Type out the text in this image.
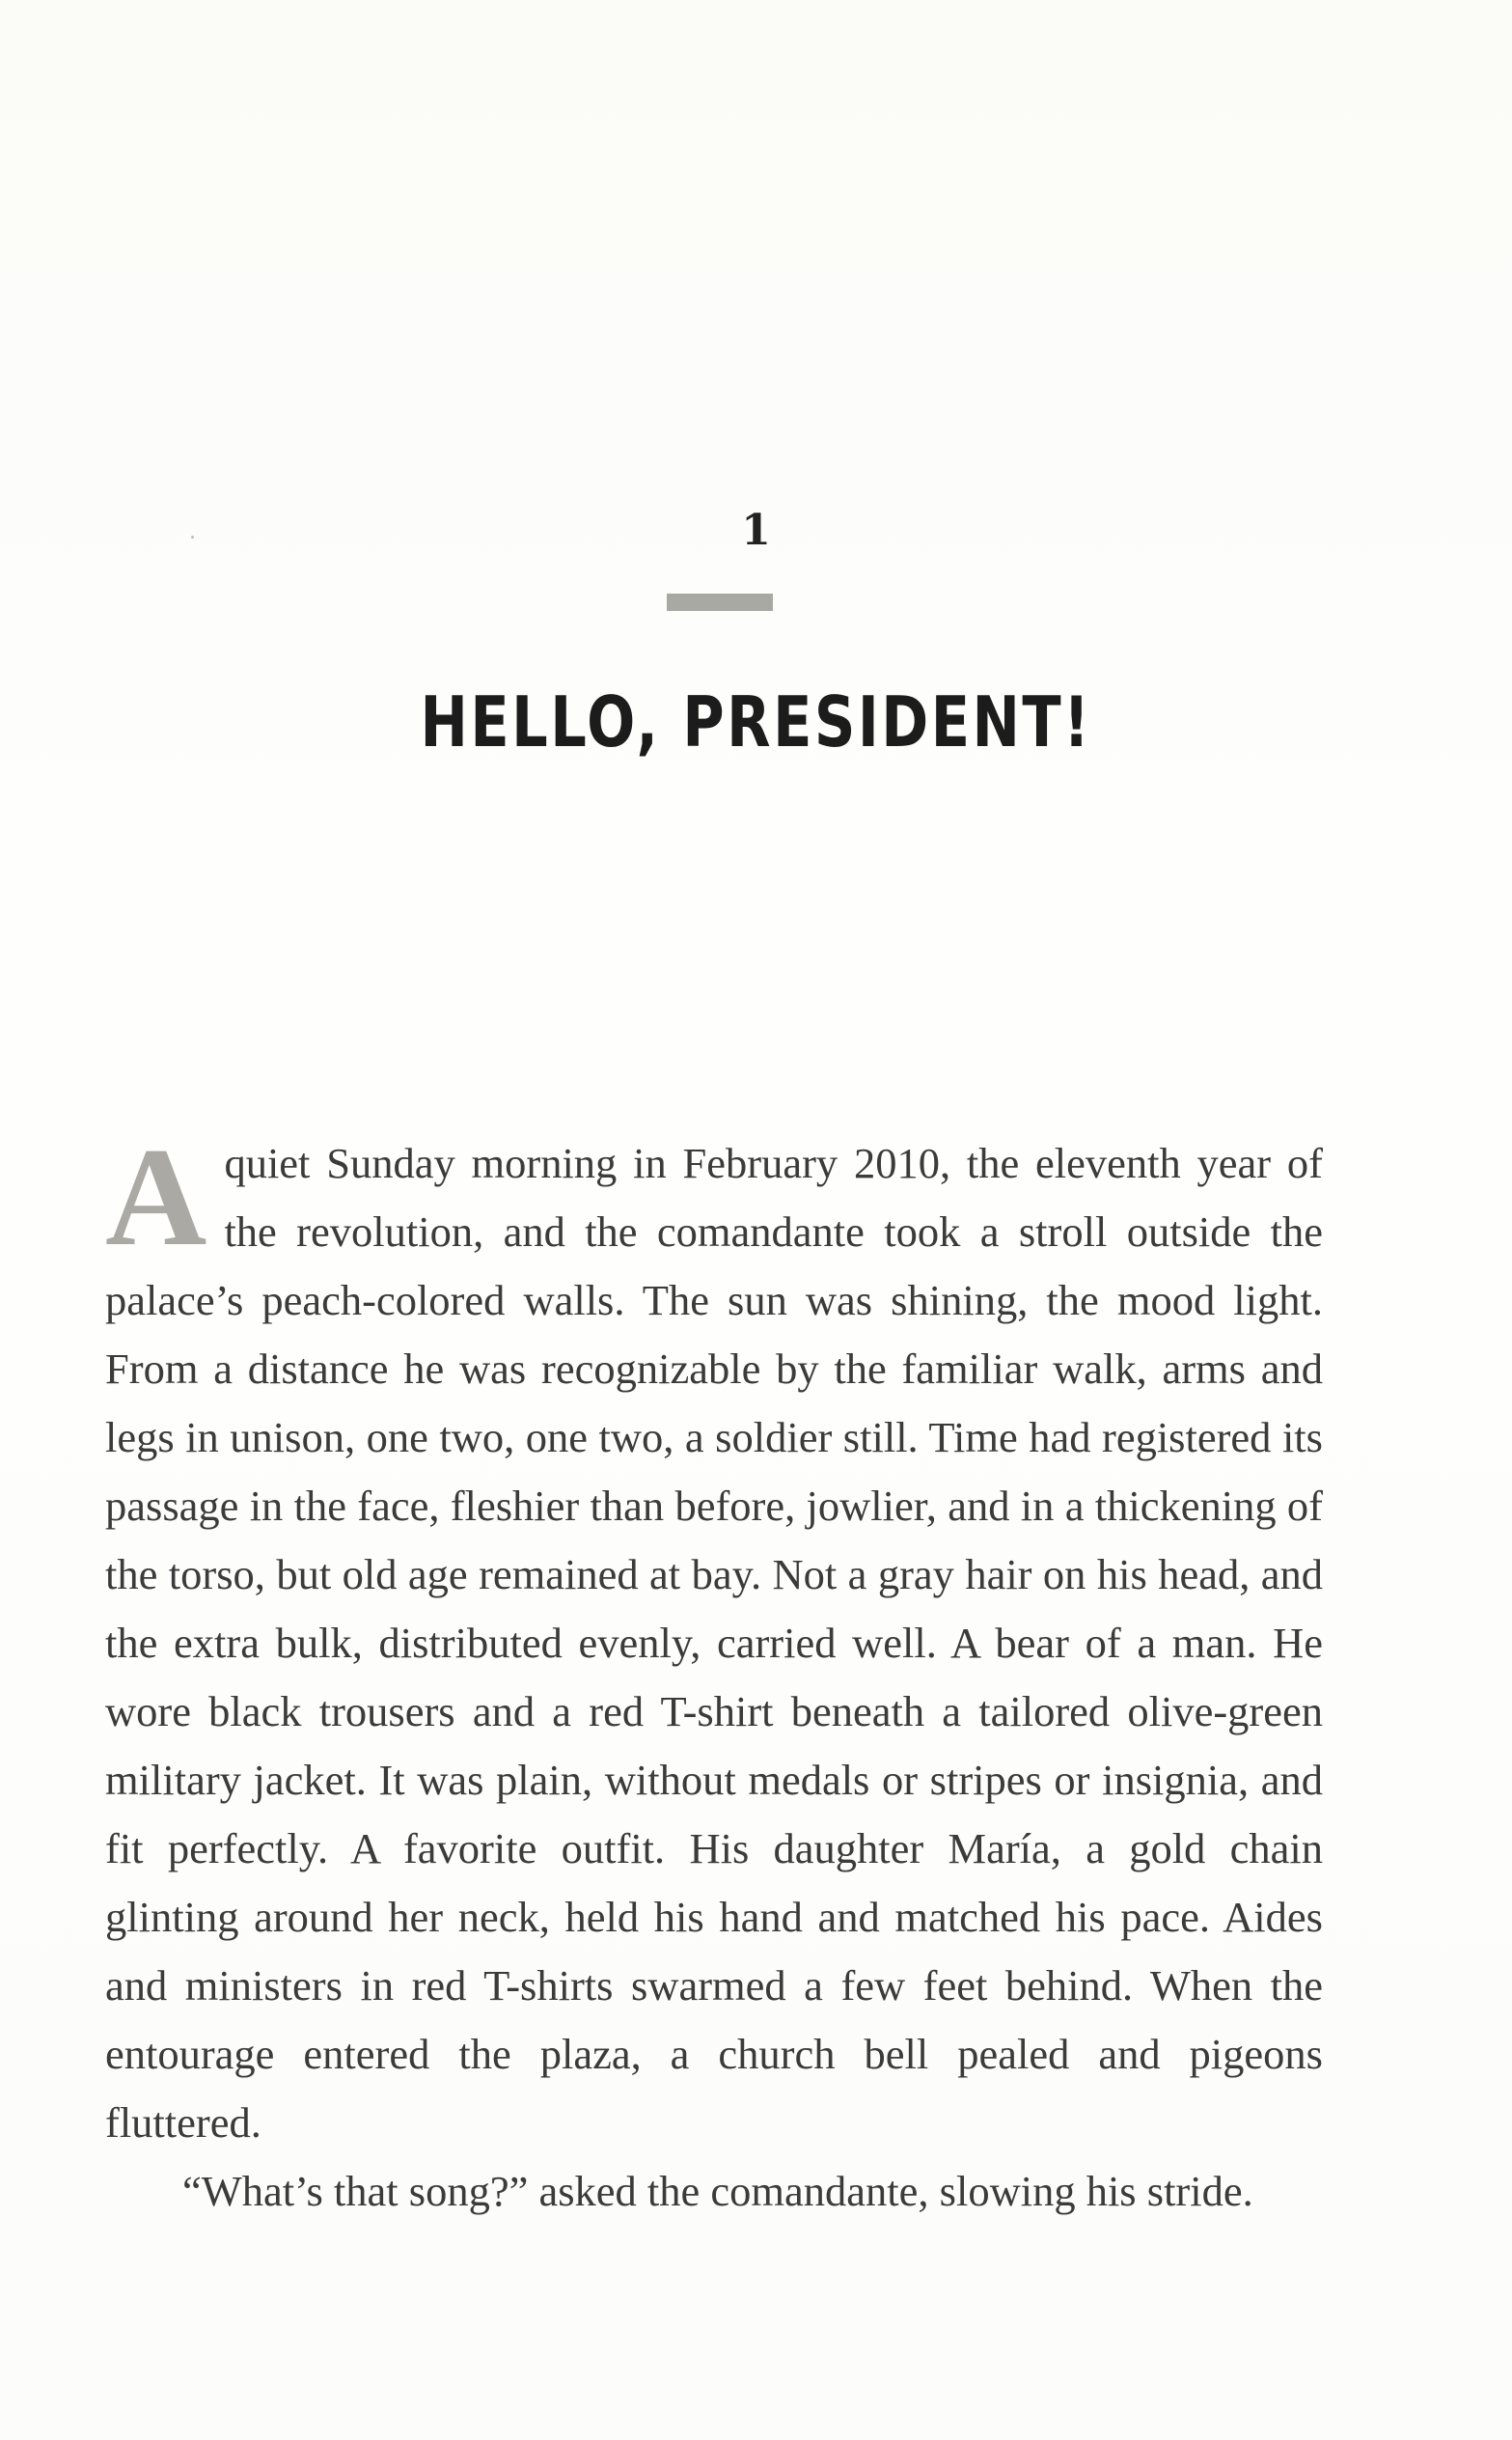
1
HELLO, PRESIDENT!

Aquiet Sunday morning in February 2010, the eleventh year of the revolution, and the comandante took a stroll outside the palace’s peach-colored walls. The sun was shining, the mood light. From a distance he was recognizable by the familiar walk, arms and legs in unison, one two, one two, a soldier still. Time had registered its passage in the face, fleshier than before, jowlier, and in a thickening of the torso, but old age remained at bay. Not a gray hair on his head, and the extra bulk, distributed evenly, carried well. A bear of a man. He wore black trousers and a red T-shirt beneath a tailored olive-green military jacket. It was plain, without medals or stripes or insignia, and fit perfectly. A favorite outfit. His daughter María, a gold chain glinting around her neck, held his hand and matched his pace. Aides and ministers in red T-shirts swarmed a few feet behind. When the entourage entered the plaza, a church bell pealed and pigeons fluttered.

“What’s that song?” asked the comandante, slowing his stride.
